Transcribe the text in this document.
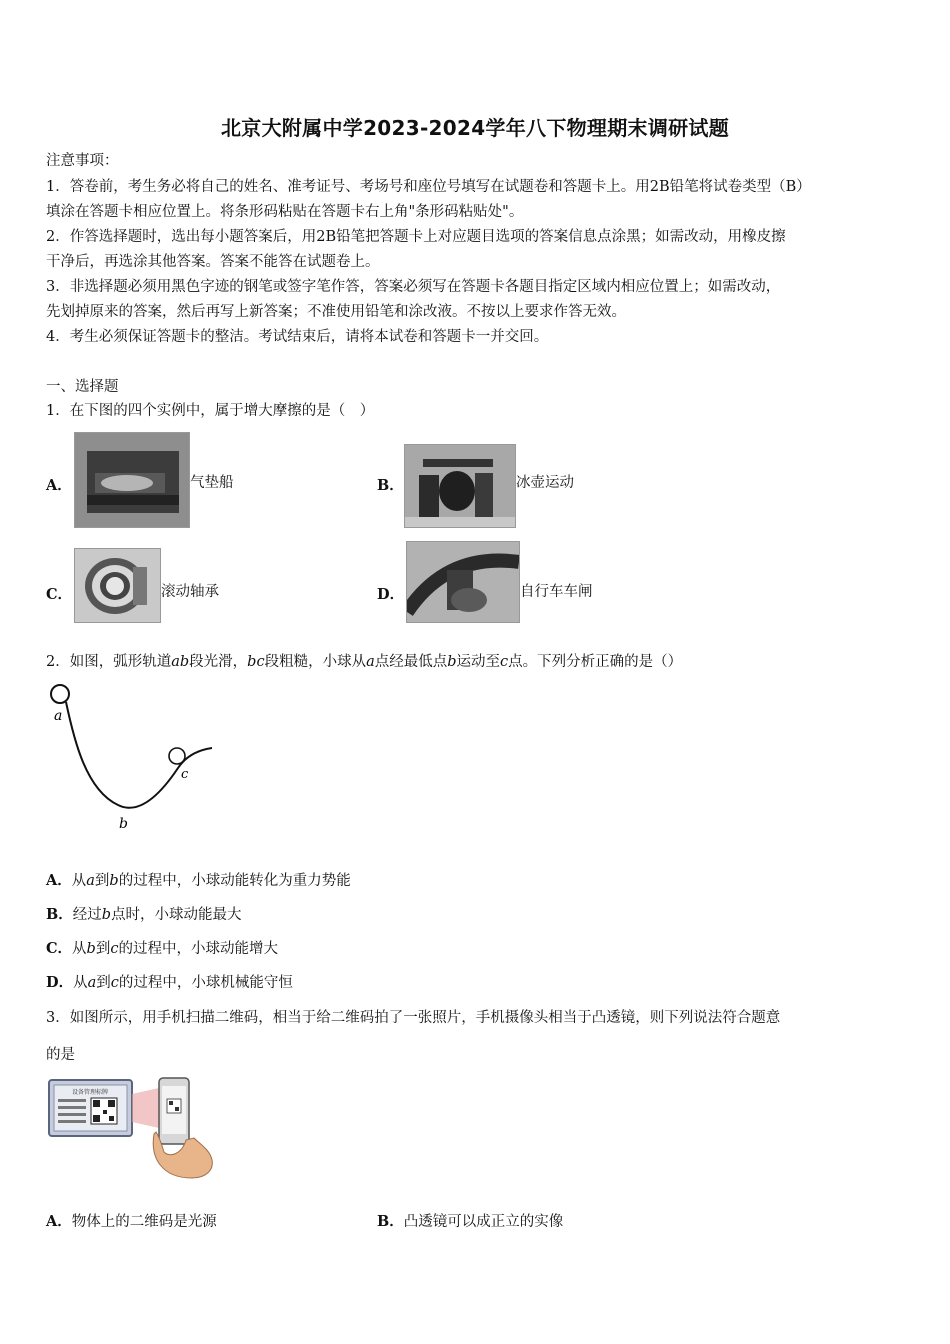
北京大附属中学2023-2024学年八下物理期末调研试题
注意事项：
1．答卷前，考生务必将自己的姓名、准考证号、考场号和座位号填写在试题卷和答题卡上。用2B铅笔将试卷类型（B）
填涂在答题卡相应位置上。将条形码粘贴在答题卡右上角"条形码粘贴处"。
2．作答选择题时，选出每小题答案后，用2B铅笔把答题卡上对应题目选项的答案信息点涂黑；如需改动，用橡皮擦
干净后，再选涂其他答案。答案不能答在试题卷上。
3．非选择题必须用黑色字迹的钢笔或签字笔作答，答案必须写在答题卡各题目指定区域内相应位置上；如需改动，
先划掉原来的答案，然后再写上新答案；不准使用铅笔和涂改液。不按以上要求作答无效。
4．考生必须保证答题卡的整洁。考试结束后，请将本试卷和答题卡一并交回。
一、选择题
1．在下图的四个实例中，属于增大摩擦的是（　）
A．	气垫船	B．	冰壶运动
C．	滚动轴承	D．	自行车车闸
2．如图，弧形轨道ab段光滑，bc段粗糙，小球从a点经最低点b运动至c点。下列分析正确的是（）
a
b
c
A．从a到b的过程中，小球动能转化为重力势能
B．经过b点时，小球动能最大
C．从b到c的过程中，小球动能增大
D．从a到c的过程中，小球机械能守恒
3．如图所示，用手机扫描二维码，相当于给二维码拍了一张照片，手机摄像头相当于凸透镜，则下列说法符合题意
的是
设备管理标牌
A．物体上的二维码是光源	B．凸透镜可以成正立的实像
